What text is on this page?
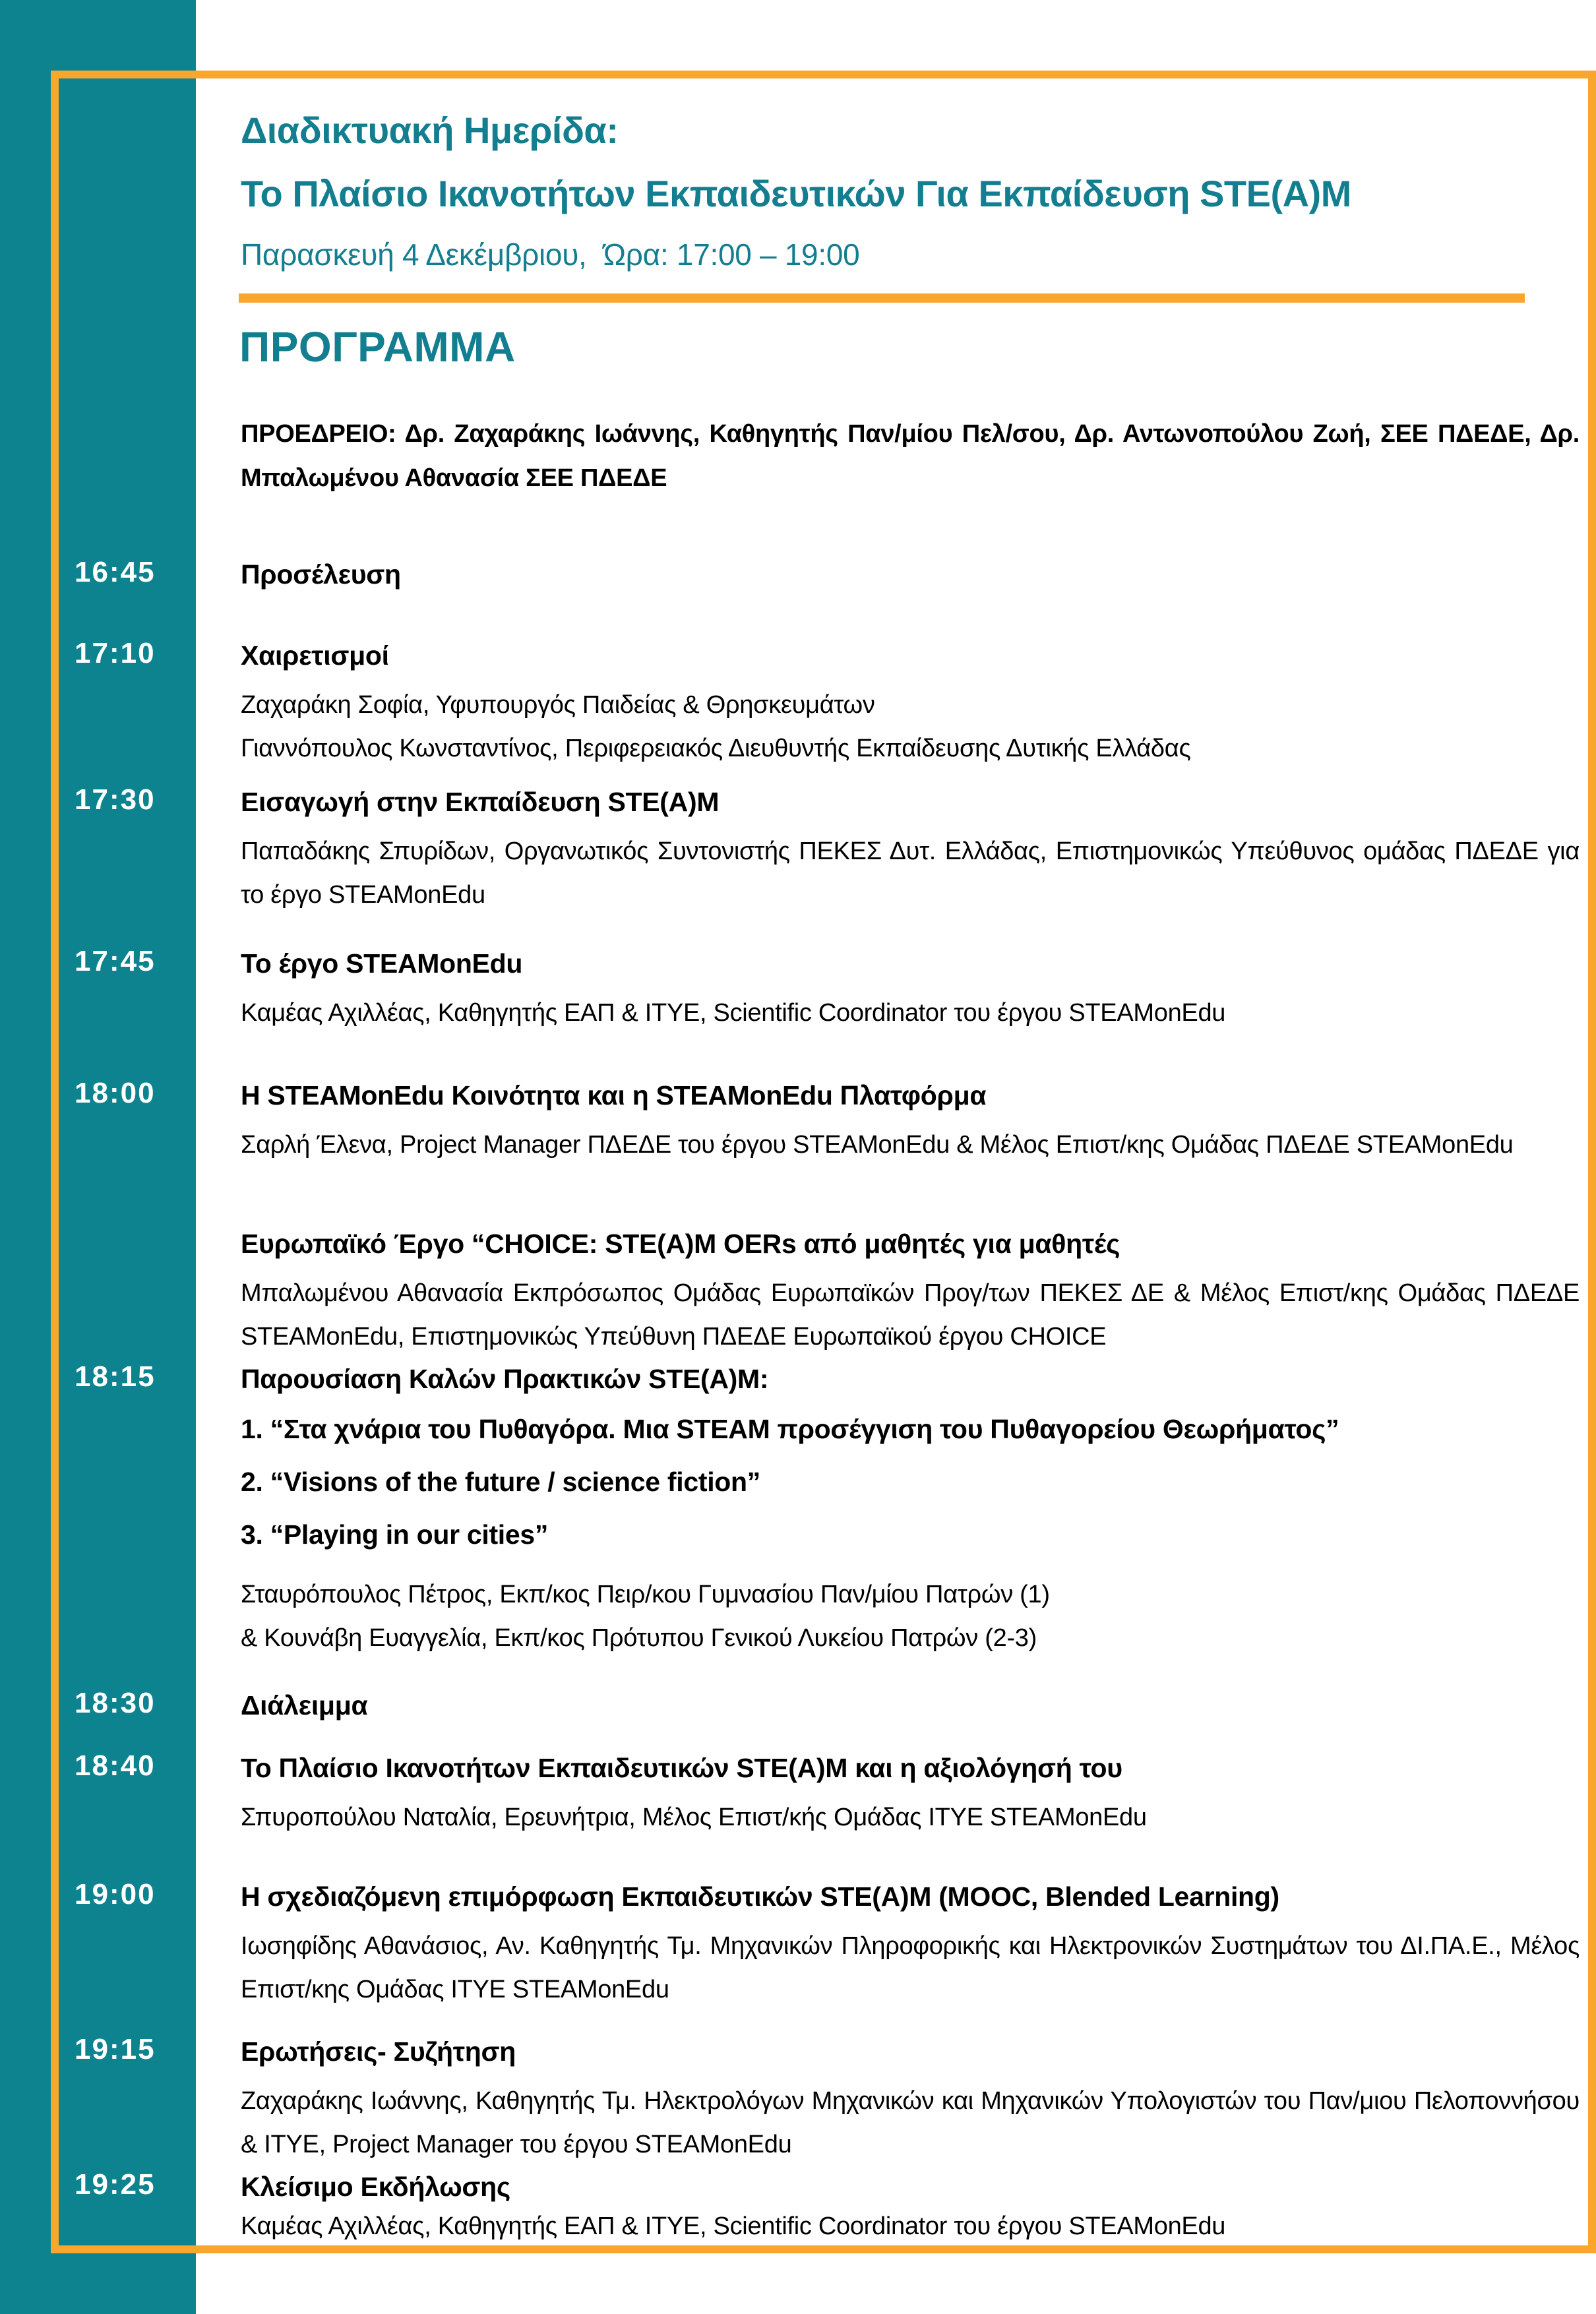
Διαδικτυακή Ημερίδα:

Το Πλαίσιο Ικανοτήτων Εκπαιδευτικών Για Εκπαίδευση STE(A)M

Παρασκευή 4 Δεκέμβριου,  Ώρα: 17:00 – 19:00

ΠΡΟΓΡΑΜΜΑ

ΠΡΟΕΔΡΕΙΟ: Δρ. Ζαχαράκης Ιωάννης, Καθηγητής Παν/μίου Πελ/σου, Δρ. Αντωνοπούλου Ζωή, ΣΕΕ ΠΔΕΔΕ, Δρ. Μπαλωμένου Αθανασία ΣΕΕ ΠΔΕΔΕ

16:45	Προσέλευση
17:10	Χαιρετισμοί

Ζαχαράκη Σοφία, Υφυπουργός Παιδείας & Θρησκευμάτων

Γιαννόπουλος Κωνσταντίνος, Περιφερειακός Διευθυντής Εκπαίδευσης Δυτικής Ελλάδας

17:30	Εισαγωγή στην Εκπαίδευση STE(A)M

Παπαδάκης Σπυρίδων, Οργανωτικός Συντονιστής ΠΕΚΕΣ Δυτ. Ελλάδας, Επιστημονικώς Υπεύθυνος ομάδας ΠΔΕΔΕ για το έργο STEAMonEdu

17:45	Το έργο STEAMonEdu

Καμέας Αχιλλέας, Καθηγητής ΕΑΠ & ΙΤΥΕ, Scientific Coordinator του έργου STEAMonEdu

18:00	Η STEAMonEdu Κοινότητα και η STEAMonEdu Πλατφόρμα

Σαρλή Έλενα, Project Manager ΠΔΕΔΕ του έργου STEAMonEdu & Μέλος Επιστ/κης Ομάδας ΠΔΕΔΕ STEAMonEdu

Ευρωπαϊκό Έργο “CHOICE: STE(A)M OERs από μαθητές για μαθητές

Μπαλωμένου Αθανασία Εκπρόσωπος Ομάδας Ευρωπαϊκών Προγ/των ΠΕΚΕΣ ΔΕ & Μέλος Επιστ/κης Ομάδας ΠΔΕΔΕ STEAMonEdu, Επιστημονικώς Υπεύθυνη ΠΔΕΔΕ Ευρωπαϊκού έργου CHOICE

18:15	Παρουσίαση Καλών Πρακτικών STE(A)M:

1. “Στα χνάρια του Πυθαγόρα. Μια STEAM προσέγγιση του Πυθαγορείου Θεωρήματος”

2. “Visions of the future / science fiction”

3. “Playing in our cities”

Σταυρόπουλος Πέτρος, Εκπ/κος Πειρ/κου Γυμνασίου Παν/μίου Πατρών (1)

& Κουνάβη Ευαγγελία, Εκπ/κος Πρότυπου Γενικού Λυκείου Πατρών (2-3)

18:30	Διάλειμμα
18:40	Το Πλαίσιο Ικανοτήτων Εκπαιδευτικών STE(A)M και η αξιολόγησή του

Σπυροπούλου Ναταλία, Ερευνήτρια, Μέλος Επιστ/κής Ομάδας ΙΤΥΕ STEAMonEdu

19:00	Η σχεδιαζόμενη επιμόρφωση Εκπαιδευτικών STE(A)M (MOOC, Blended Learning)

Ιωσηφίδης Αθανάσιος, Αν. Καθηγητής Τμ. Μηχανικών Πληροφορικής και Ηλεκτρονικών Συστημάτων του ΔΙ.ΠΑ.Ε., Μέλος Επιστ/κης Ομάδας ΙΤΥΕ STEAMonEdu

19:15	Ερωτήσεις- Συζήτηση

Ζαχαράκης Ιωάννης, Καθηγητής Τμ. Ηλεκτρολόγων Μηχανικών και Μηχανικών Υπολογιστών του Παν/μιου Πελοποννήσου & ΙΤΥΕ, Project Manager του έργου STEAMonEdu

19:25	Κλείσιμο Εκδήλωσης

Καμέας Αχιλλέας, Καθηγητής ΕΑΠ & ΙΤΥΕ, Scientific Coordinator του έργου STEAMonEdu
